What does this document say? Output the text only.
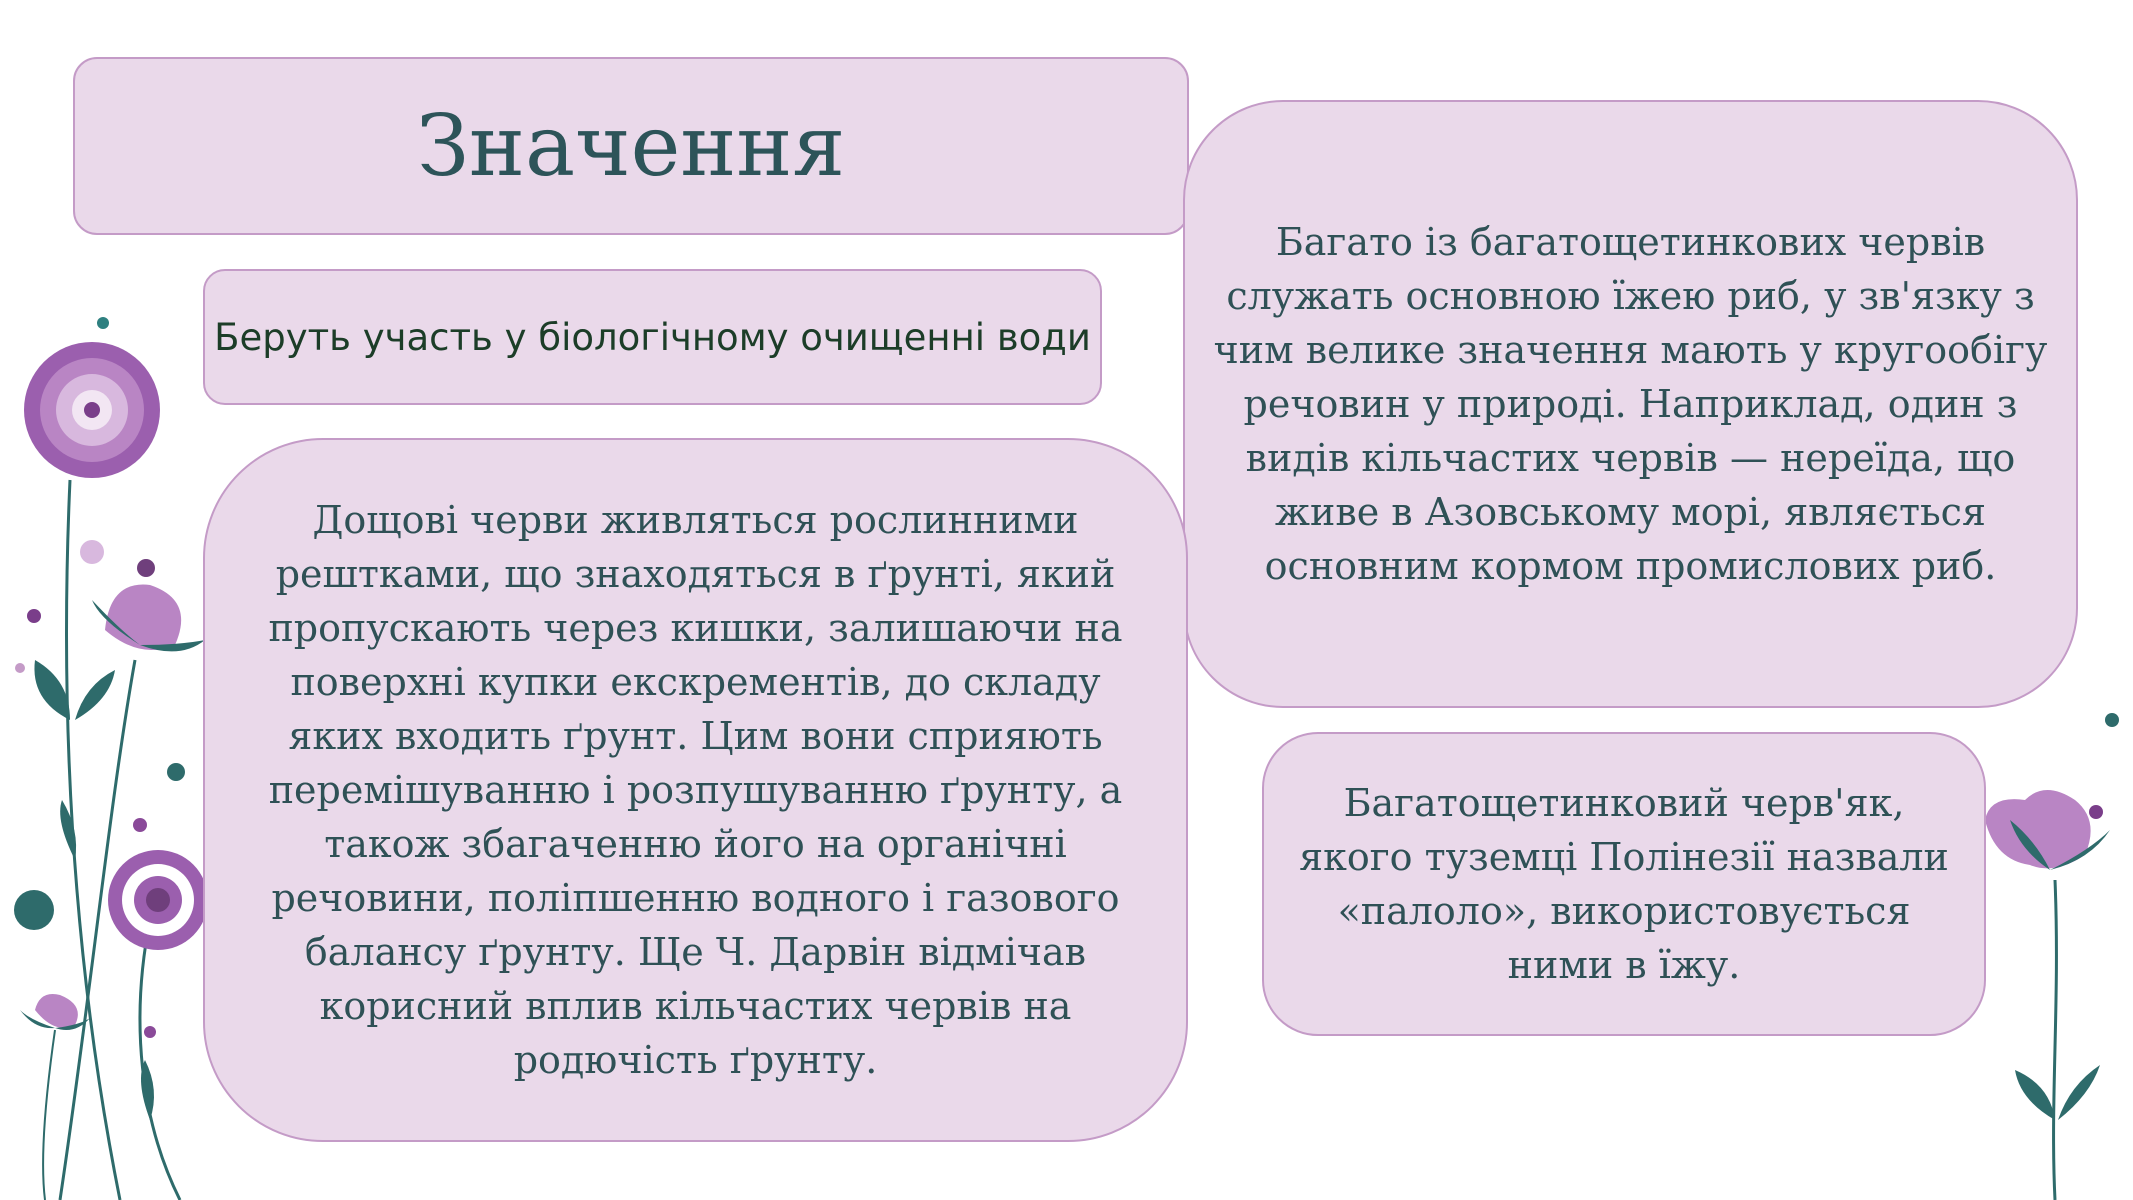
Значення
Беруть участь у біологічному очищенні води
Багато із багатощетинкових червів служать основною їжею риб, у зв'язку з чим велике значення мають у кругообігу речовин у природі. Наприклад, один з видів кільчастих червів — нереїда, що живе в Азовському морі, являється основним кормом промислових риб.
Дощові черви живляться рослинними рештками, що знаходяться в ґрунті, який пропускають через кишки, залишаючи на поверхні купки екскрементів, до складу яких входить ґрунт. Цим вони сприяють перемішуванню і розпушуванню ґрунту, а також збагаченню його на органічні речовини, поліпшенню водного і газового балансу ґрунту. Ще Ч. Дарвін відмічав корисний вплив кільчастих червів на родючість ґрунту.
Багатощетинковий черв'як, якого туземці Полінезії назвали «палоло», використовується ними в їжу.
